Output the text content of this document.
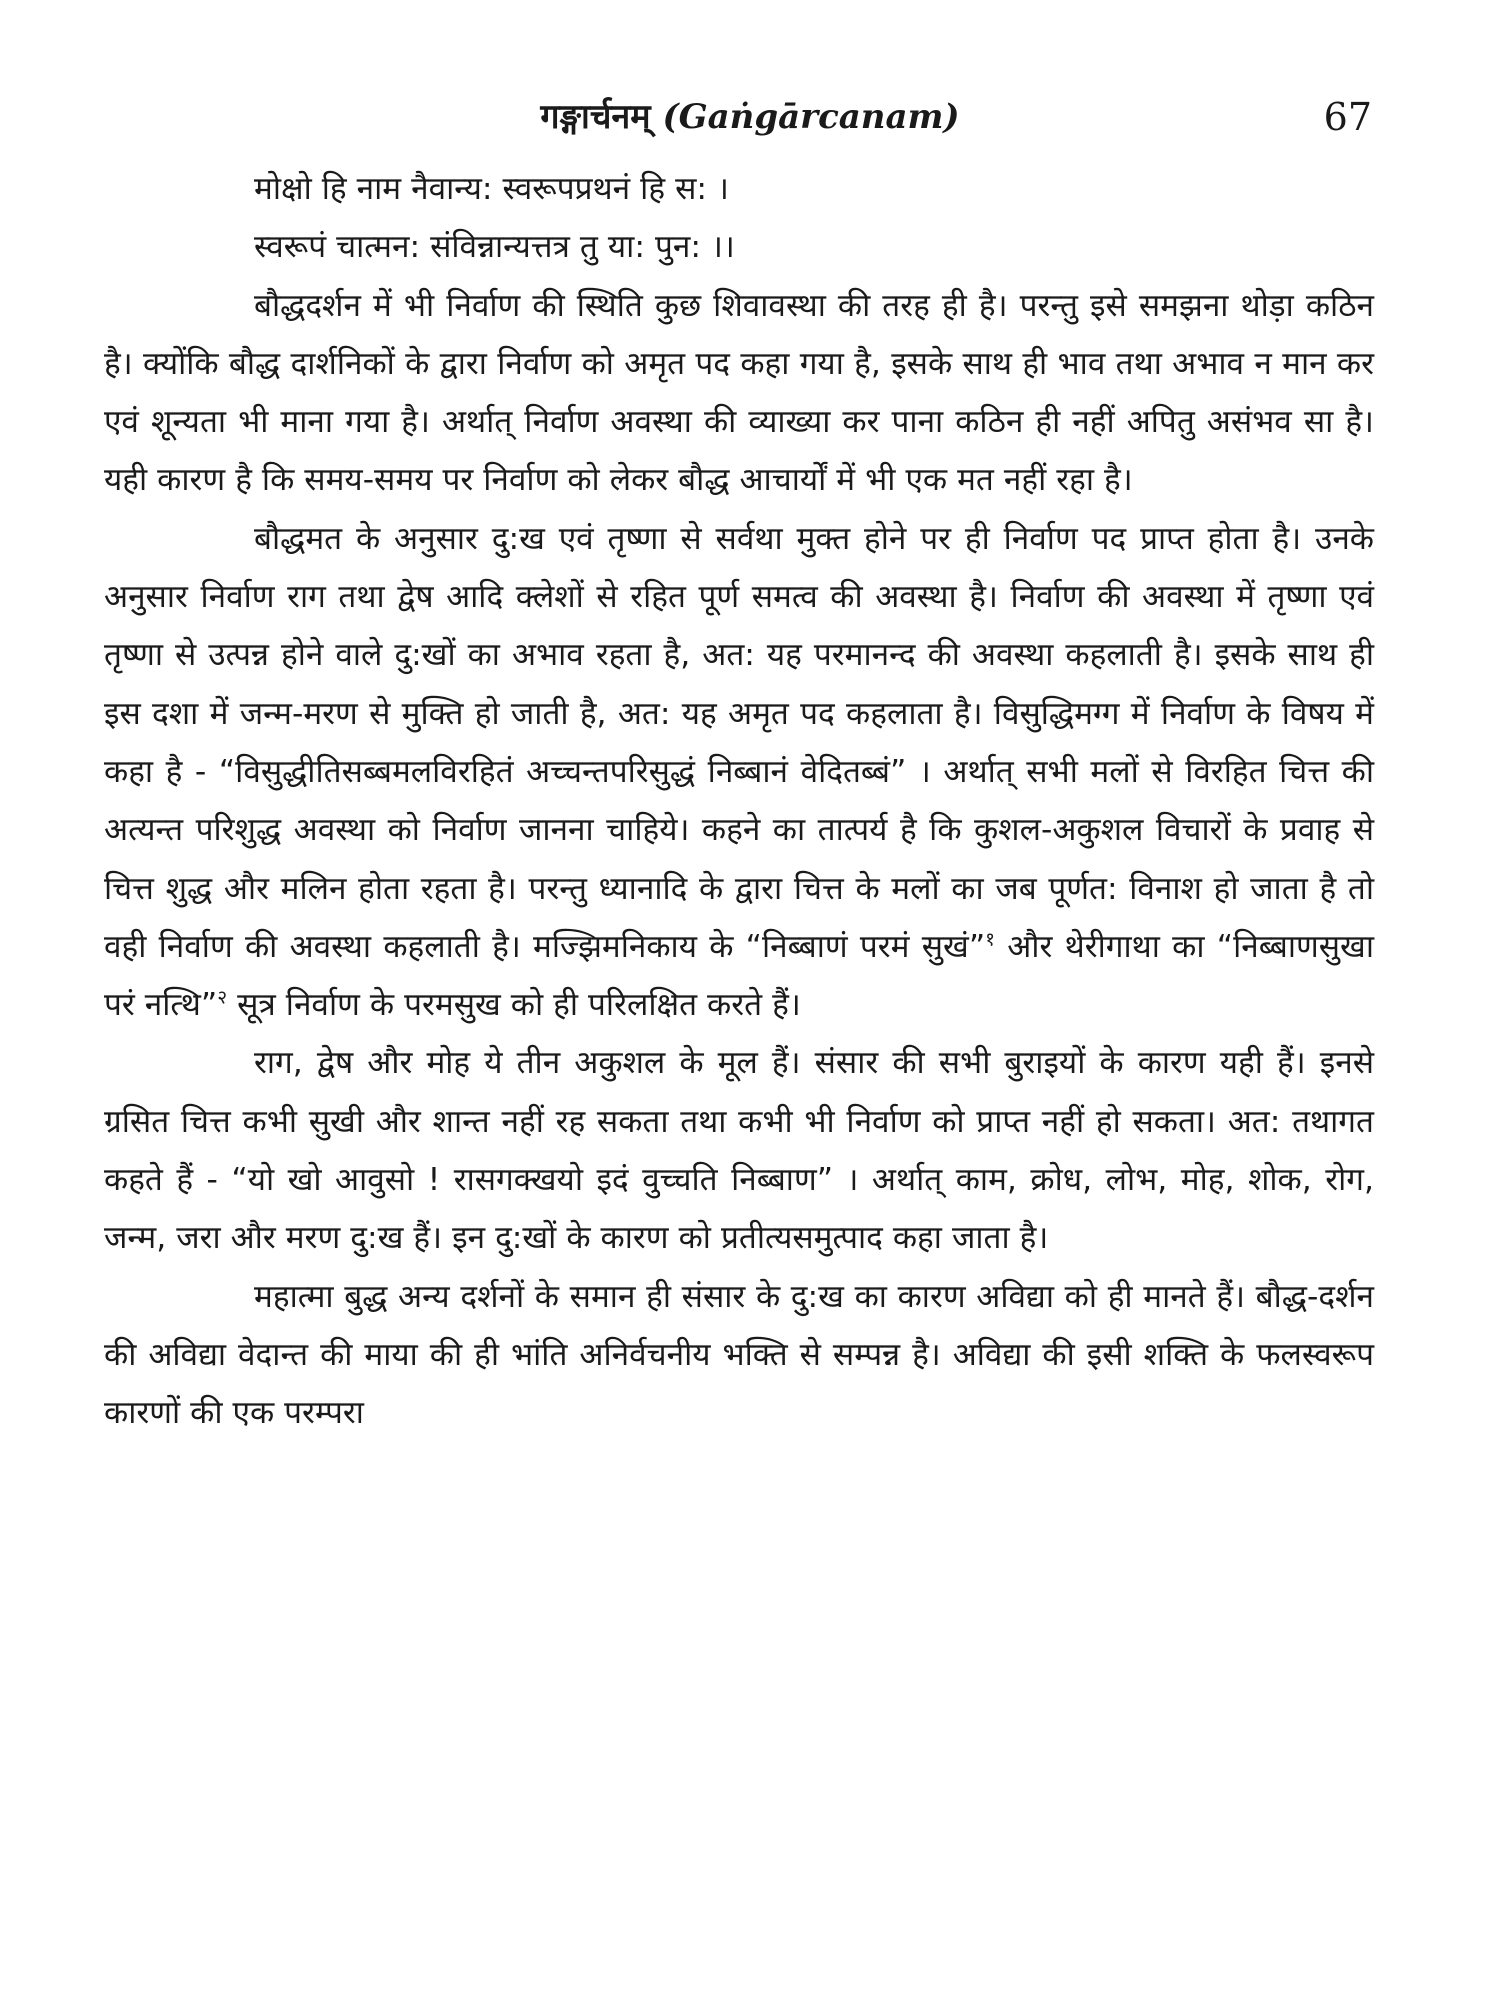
गङ्गार्चनम् (Gaṅgārcanam)	67
मोक्षो हि नाम नैवान्य: स्वरूपप्रथनं हि स: ।
स्वरूपं चात्मन: संविन्नान्यत्तत्र तु या: पुन: ।।

बौद्धदर्शन में भी निर्वाण की स्थिति कुछ शिवावस्था की तरह ही है। परन्तु इसे समझना थोड़ा कठिन है। क्योंकि बौद्ध दार्शनिकों के द्वारा निर्वाण को अमृत पद कहा गया है, इसके साथ ही भाव तथा अभाव न मान कर एवं शून्यता भी माना गया है। अर्थात् निर्वाण अवस्था की व्याख्या कर पाना कठिन ही नहीं अपितु असंभव सा है। यही कारण है कि समय-समय पर निर्वाण को लेकर बौद्ध आचार्यों में भी एक मत नहीं रहा है।

बौद्धमत के अनुसार दु:ख एवं तृष्णा से सर्वथा मुक्त होने पर ही निर्वाण पद प्राप्त होता है। उनके अनुसार निर्वाण राग तथा द्वेष आदि क्लेशों से रहित पूर्ण समत्व की अवस्था है। निर्वाण की अवस्था में तृष्णा एवं तृष्णा से उत्पन्न होने वाले दु:खों का अभाव रहता है, अत: यह परमानन्द की अवस्था कहलाती है। इसके साथ ही इस दशा में जन्म-मरण से मुक्ति हो जाती है, अत: यह अमृत पद कहलाता है। विसुद्धिमग्ग में निर्वाण के विषय में कहा है - “विसुद्धीतिसब्बमलविरहितं अच्चन्तपरिसुद्धं निब्बानं वेदितब्बं” । अर्थात् सभी मलों से विरहित चित्त की अत्यन्त परिशुद्ध अवस्था को निर्वाण जानना चाहिये। कहने का तात्पर्य है कि कुशल-अकुशल विचारों के प्रवाह से चित्त शुद्ध और मलिन होता रहता है। परन्तु ध्यानादि के द्वारा चित्त के मलों का जब पूर्णत: विनाश हो जाता है तो वही निर्वाण की अवस्था कहलाती है। मज्झिमनिकाय के “निब्बाणं परमं सुखं”$^१$ और थेरीगाथा का “निब्बाणसुखा परं नत्थि”$^२$ सूत्र निर्वाण के परमसुख को ही परिलक्षित करते हैं।

राग, द्वेष और मोह ये तीन अकुशल के मूल हैं। संसार की सभी बुराइयों के कारण यही हैं। इनसे ग्रसित चित्त कभी सुखी और शान्त नहीं रह सकता तथा कभी भी निर्वाण को प्राप्त नहीं हो सकता। अत: तथागत कहते हैं - “यो खो आवुसो ! रासगक्खयो इदं वुच्चति निब्बाण” । अर्थात् काम, क्रोध, लोभ, मोह, शोक, रोग, जन्म, जरा और मरण दु:ख हैं। इन दु:खों के कारण को प्रतीत्यसमुत्पाद कहा जाता है।

महात्मा बुद्ध अन्य दर्शनों के समान ही संसार के दु:ख का कारण अविद्या को ही मानते हैं। बौद्ध-दर्शन की अविद्या वेदान्त की माया की ही भांति अनिर्वचनीय भक्ति से सम्पन्न है। अविद्या की इसी शक्ति के फलस्वरूप कारणों की एक परम्परा
